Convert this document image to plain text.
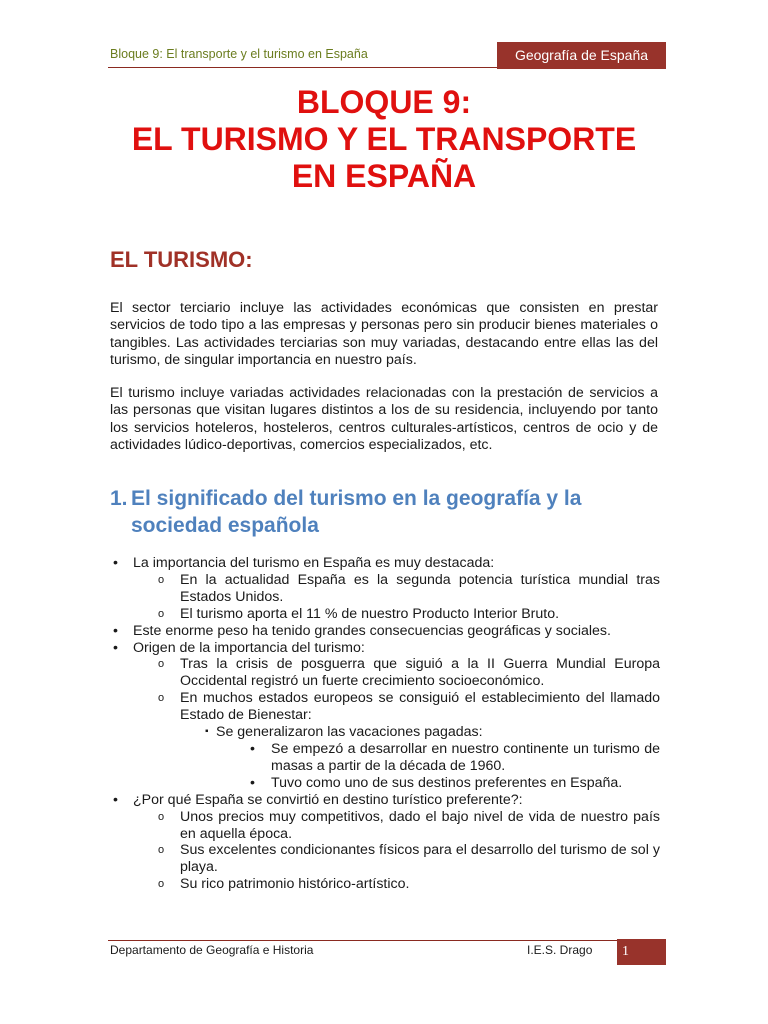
Bloque 9: El transporte y el turismo en España	Geografía de España
BLOQUE 9:
EL TURISMO Y EL TRANSPORTE
EN ESPAÑA
EL TURISMO:
El sector terciario incluye las actividades económicas que consisten en prestar servicios de todo tipo a las empresas y personas pero sin producir bienes materiales o tangibles. Las actividades terciarias son muy variadas, destacando entre ellas las del turismo, de singular importancia en nuestro país.
El turismo incluye variadas actividades relacionadas con la prestación de servicios a las personas que visitan lugares distintos a los de su residencia, incluyendo por tanto los servicios hoteleros, hosteleros, centros culturales-artísticos, centros de ocio y de actividades lúdico-deportivas, comercios especializados, etc.
1. El significado del turismo en la geografía y la sociedad española
• La importancia del turismo en España es muy destacada:
o En la actualidad España es la segunda potencia turística mundial tras Estados Unidos.
o El turismo aporta el 11 % de nuestro Producto Interior Bruto.
• Este enorme peso ha tenido grandes consecuencias geográficas y sociales.
• Origen de la importancia del turismo:
o Tras la crisis de posguerra que siguió a la II Guerra Mundial Europa Occidental registró un fuerte crecimiento socioeconómico.
o En muchos estados europeos se consiguió el establecimiento del llamado Estado de Bienestar:
▪ Se generalizaron las vacaciones pagadas:
• Se empezó a desarrollar en nuestro continente un turismo de masas a partir de la década de 1960.
• Tuvo como uno de sus destinos preferentes en España.
• ¿Por qué España se convirtió en destino turístico preferente?:
o Unos precios muy competitivos, dado el bajo nivel de vida de nuestro país en aquella época.
o Sus excelentes condicionantes físicos para el desarrollo del turismo de sol y playa.
o Su rico patrimonio histórico-artístico.
Departamento de Geografía e Historia	I.E.S. Drago	1
